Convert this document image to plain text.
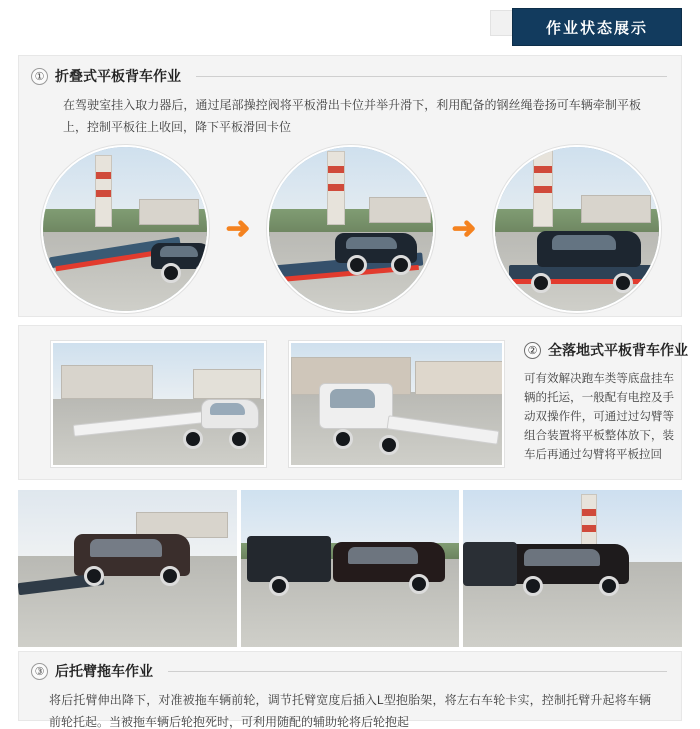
作业状态展示
① 折叠式平板背车作业
在驾驶室挂入取力器后，通过尾部操控阀将平板滑出卡位并举升滑下，利用配备的钢丝绳卷扬可车辆牵制平板上，控制平板往上收回，降下平板滑回卡位
➜	➜
② 全落地式平板背车作业
可有效解决跑车类等底盘挂车辆的托运，一般配有电控及手动双操作件，可通过过勾臂等组合装置将平板整体放下，装车后再通过勾臂将平板拉回
③ 后托臂拖车作业
将后托臂伸出降下，对准被拖车辆前轮，调节托臂宽度后插入L型抱胎架，将左右车轮卡实，控制托臂升起将车辆前轮托起。当被拖车辆后轮抱死时，可利用随配的辅助轮将后轮抱起
